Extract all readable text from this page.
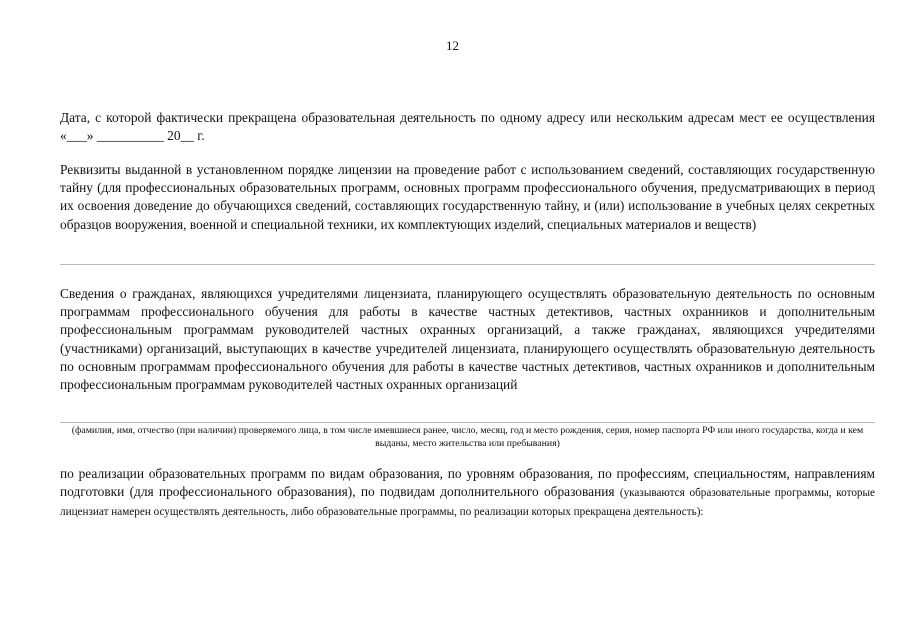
12
Дата, с которой фактически прекращена образовательная деятельность по одному адресу или нескольким адресам мест ее осуществления «___» __________ 20__ г.
Реквизиты выданной в установленном порядке лицензии на проведение работ с использованием сведений, составляющих государственную тайну (для профессиональных образовательных программ, основных программ профессионального обучения, предусматривающих в период их освоения доведение до обучающихся сведений, составляющих государственную тайну, и (или) использование в учебных целях секретных образцов вооружения, военной и специальной техники, их комплектующих изделий, специальных материалов и веществ)
Сведения о гражданах, являющихся учредителями лицензиата, планирующего осуществлять образовательную деятельность по основным программам профессионального обучения для работы в качестве частных детективов, частных охранников и дополнительным профессиональным программам руководителей частных охранных организаций, а также гражданах, являющихся учредителями (участниками) организаций, выступающих в качестве учредителей лицензиата, планирующего осуществлять образовательную деятельность по основным программам профессионального обучения для работы в качестве частных детективов, частных охранников и дополнительным профессиональным программам руководителей частных охранных организаций
(фамилия, имя, отчество (при наличии) проверяемого лица, в том числе имевшиеся ранее, число, месяц, год и место рождения, серия, номер паспорта РФ или иного государства, когда и кем выданы, место жительства или пребывания)
по реализации образовательных программ по видам образования, по уровням образования, по профессиям, специальностям, направлениям подготовки (для профессионального образования), по подвидам дополнительного образования (указываются образовательные программы, которые лицензиат намерен осуществлять деятельность, либо образовательные программы, по реализации которых прекращена деятельность):
